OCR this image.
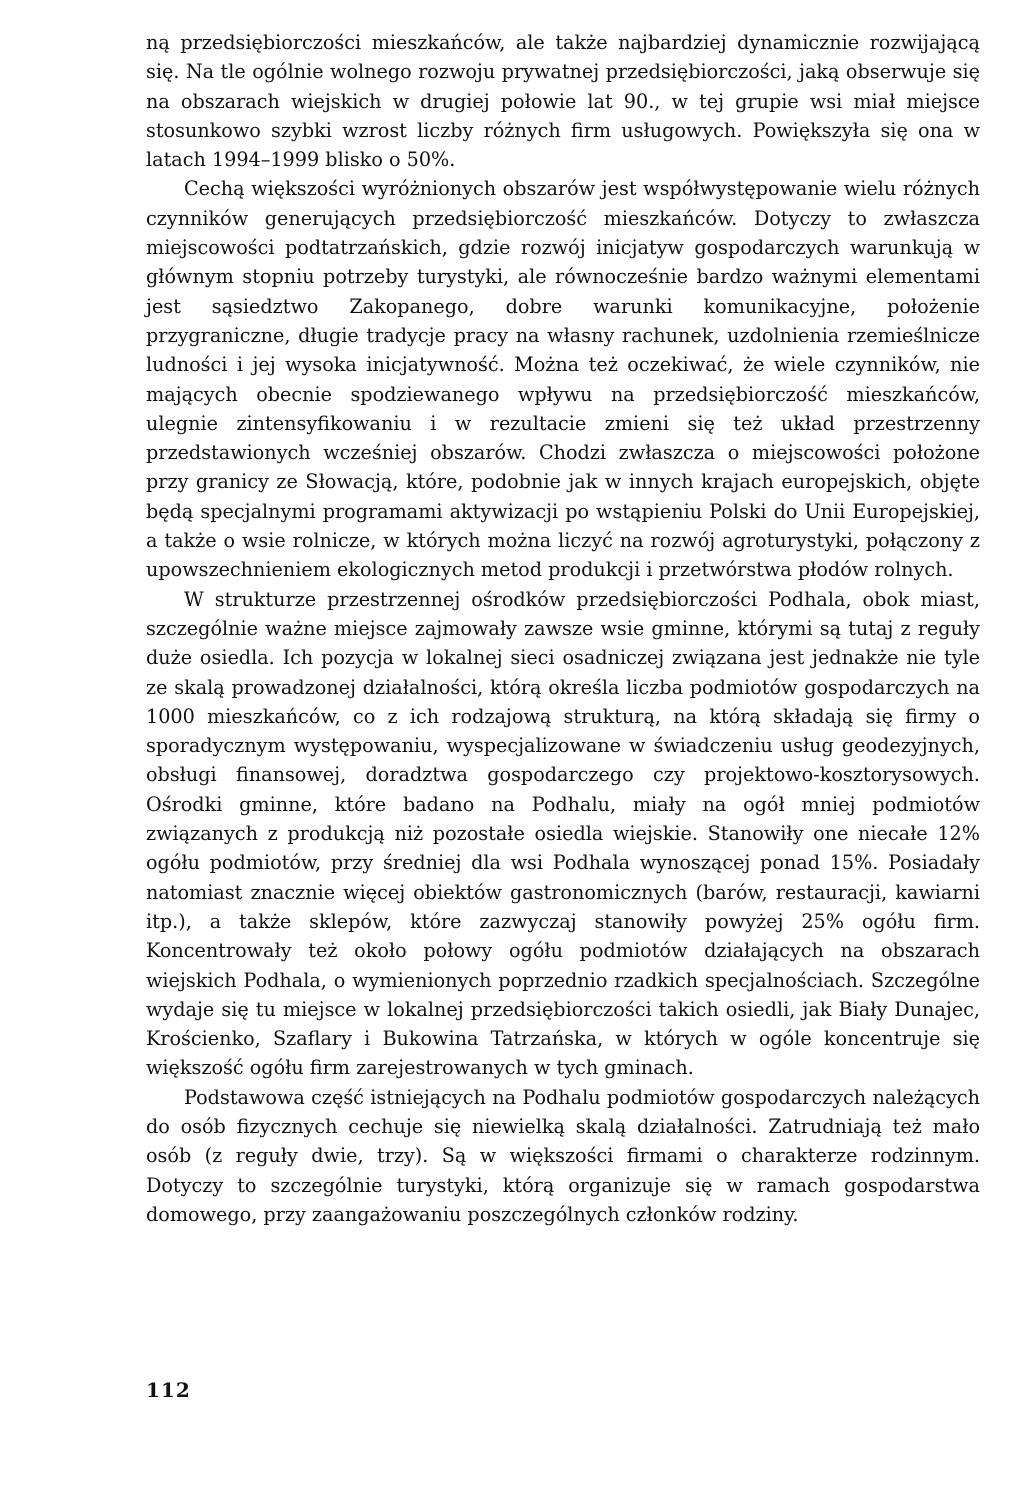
ną przedsiębiorczości mieszkańców, ale także najbardziej dynamicznie rozwijającą się. Na tle ogólnie wolnego rozwoju prywatnej przedsiębiorczości, jaką obserwuje się na obszarach wiejskich w drugiej połowie lat 90., w tej grupie wsi miał miejsce stosunkowo szybki wzrost liczby różnych firm usługowych. Powiększyła się ona w latach 1994–1999 blisko o 50%.

Cechą większości wyróżnionych obszarów jest współwystępowanie wielu różnych czynników generujących przedsiębiorczość mieszkańców. Dotyczy to zwłaszcza miejscowości podtatrzańskich, gdzie rozwój inicjatyw gospodarczych warunkują w głównym stopniu potrzeby turystyki, ale równocześnie bardzo ważnymi elementami jest sąsiedztwo Zakopanego, dobre warunki komunikacyjne, położenie przygraniczne, długie tradycje pracy na własny rachunek, uzdolnienia rzemieślnicze ludności i jej wysoka inicjatywność. Można też oczekiwać, że wiele czynników, nie mających obecnie spodziewanego wpływu na przedsiębiorczość mieszkańców, ulegnie zintensyfikowaniu i w rezultacie zmieni się też układ przestrzenny przedstawionych wcześniej obszarów. Chodzi zwłaszcza o miejscowości położone przy granicy ze Słowacją, które, podobnie jak w innych krajach europejskich, objęte będą specjalnymi programami aktywizacji po wstąpieniu Polski do Unii Europejskiej, a także o wsie rolnicze, w których można liczyć na rozwój agroturystyki, połączony z upowszechnieniem ekologicznych metod produkcji i przetwórstwa płodów rolnych.

W strukturze przestrzennej ośrodków przedsiębiorczości Podhala, obok miast, szczególnie ważne miejsce zajmowały zawsze wsie gminne, którymi są tutaj z reguły duże osiedla. Ich pozycja w lokalnej sieci osadniczej związana jest jednakże nie tyle ze skalą prowadzonej działalności, którą określa liczba podmiotów gospodarczych na 1000 mieszkańców, co z ich rodzajową strukturą, na którą składają się firmy o sporadycznym występowaniu, wyspecjalizowane w świadczeniu usług geodezyjnych, obsługi finansowej, doradztwa gospodarczego czy projektowo-kosztorysowych. Ośrodki gminne, które badano na Podhalu, miały na ogół mniej podmiotów związanych z produkcją niż pozostałe osiedla wiejskie. Stanowiły one niecałe 12% ogółu podmiotów, przy średniej dla wsi Podhala wynoszącej ponad 15%. Posiadały natomiast znacznie więcej obiektów gastronomicznych (barów, restauracji, kawiarni itp.), a także sklepów, które zazwyczaj stanowiły powyżej 25% ogółu firm. Koncentrowały też około połowy ogółu podmiotów działających na obszarach wiejskich Podhala, o wymienionych poprzednio rzadkich specjalnościach. Szczególne wydaje się tu miejsce w lokalnej przedsiębiorczości takich osiedli, jak Biały Dunajec, Krościenko, Szaflary i Bukowina Tatrzańska, w których w ogóle koncentruje się większość ogółu firm zarejestrowanych w tych gminach.

Podstawowa część istniejących na Podhalu podmiotów gospodarczych należących do osób fizycznych cechuje się niewielką skalą działalności. Zatrudniają też mało osób (z reguły dwie, trzy). Są w większości firmami o charakterze rodzinnym. Dotyczy to szczególnie turystyki, którą organizuje się w ramach gospodarstwa domowego, przy zaangażowaniu poszczególnych członków rodziny.

112
